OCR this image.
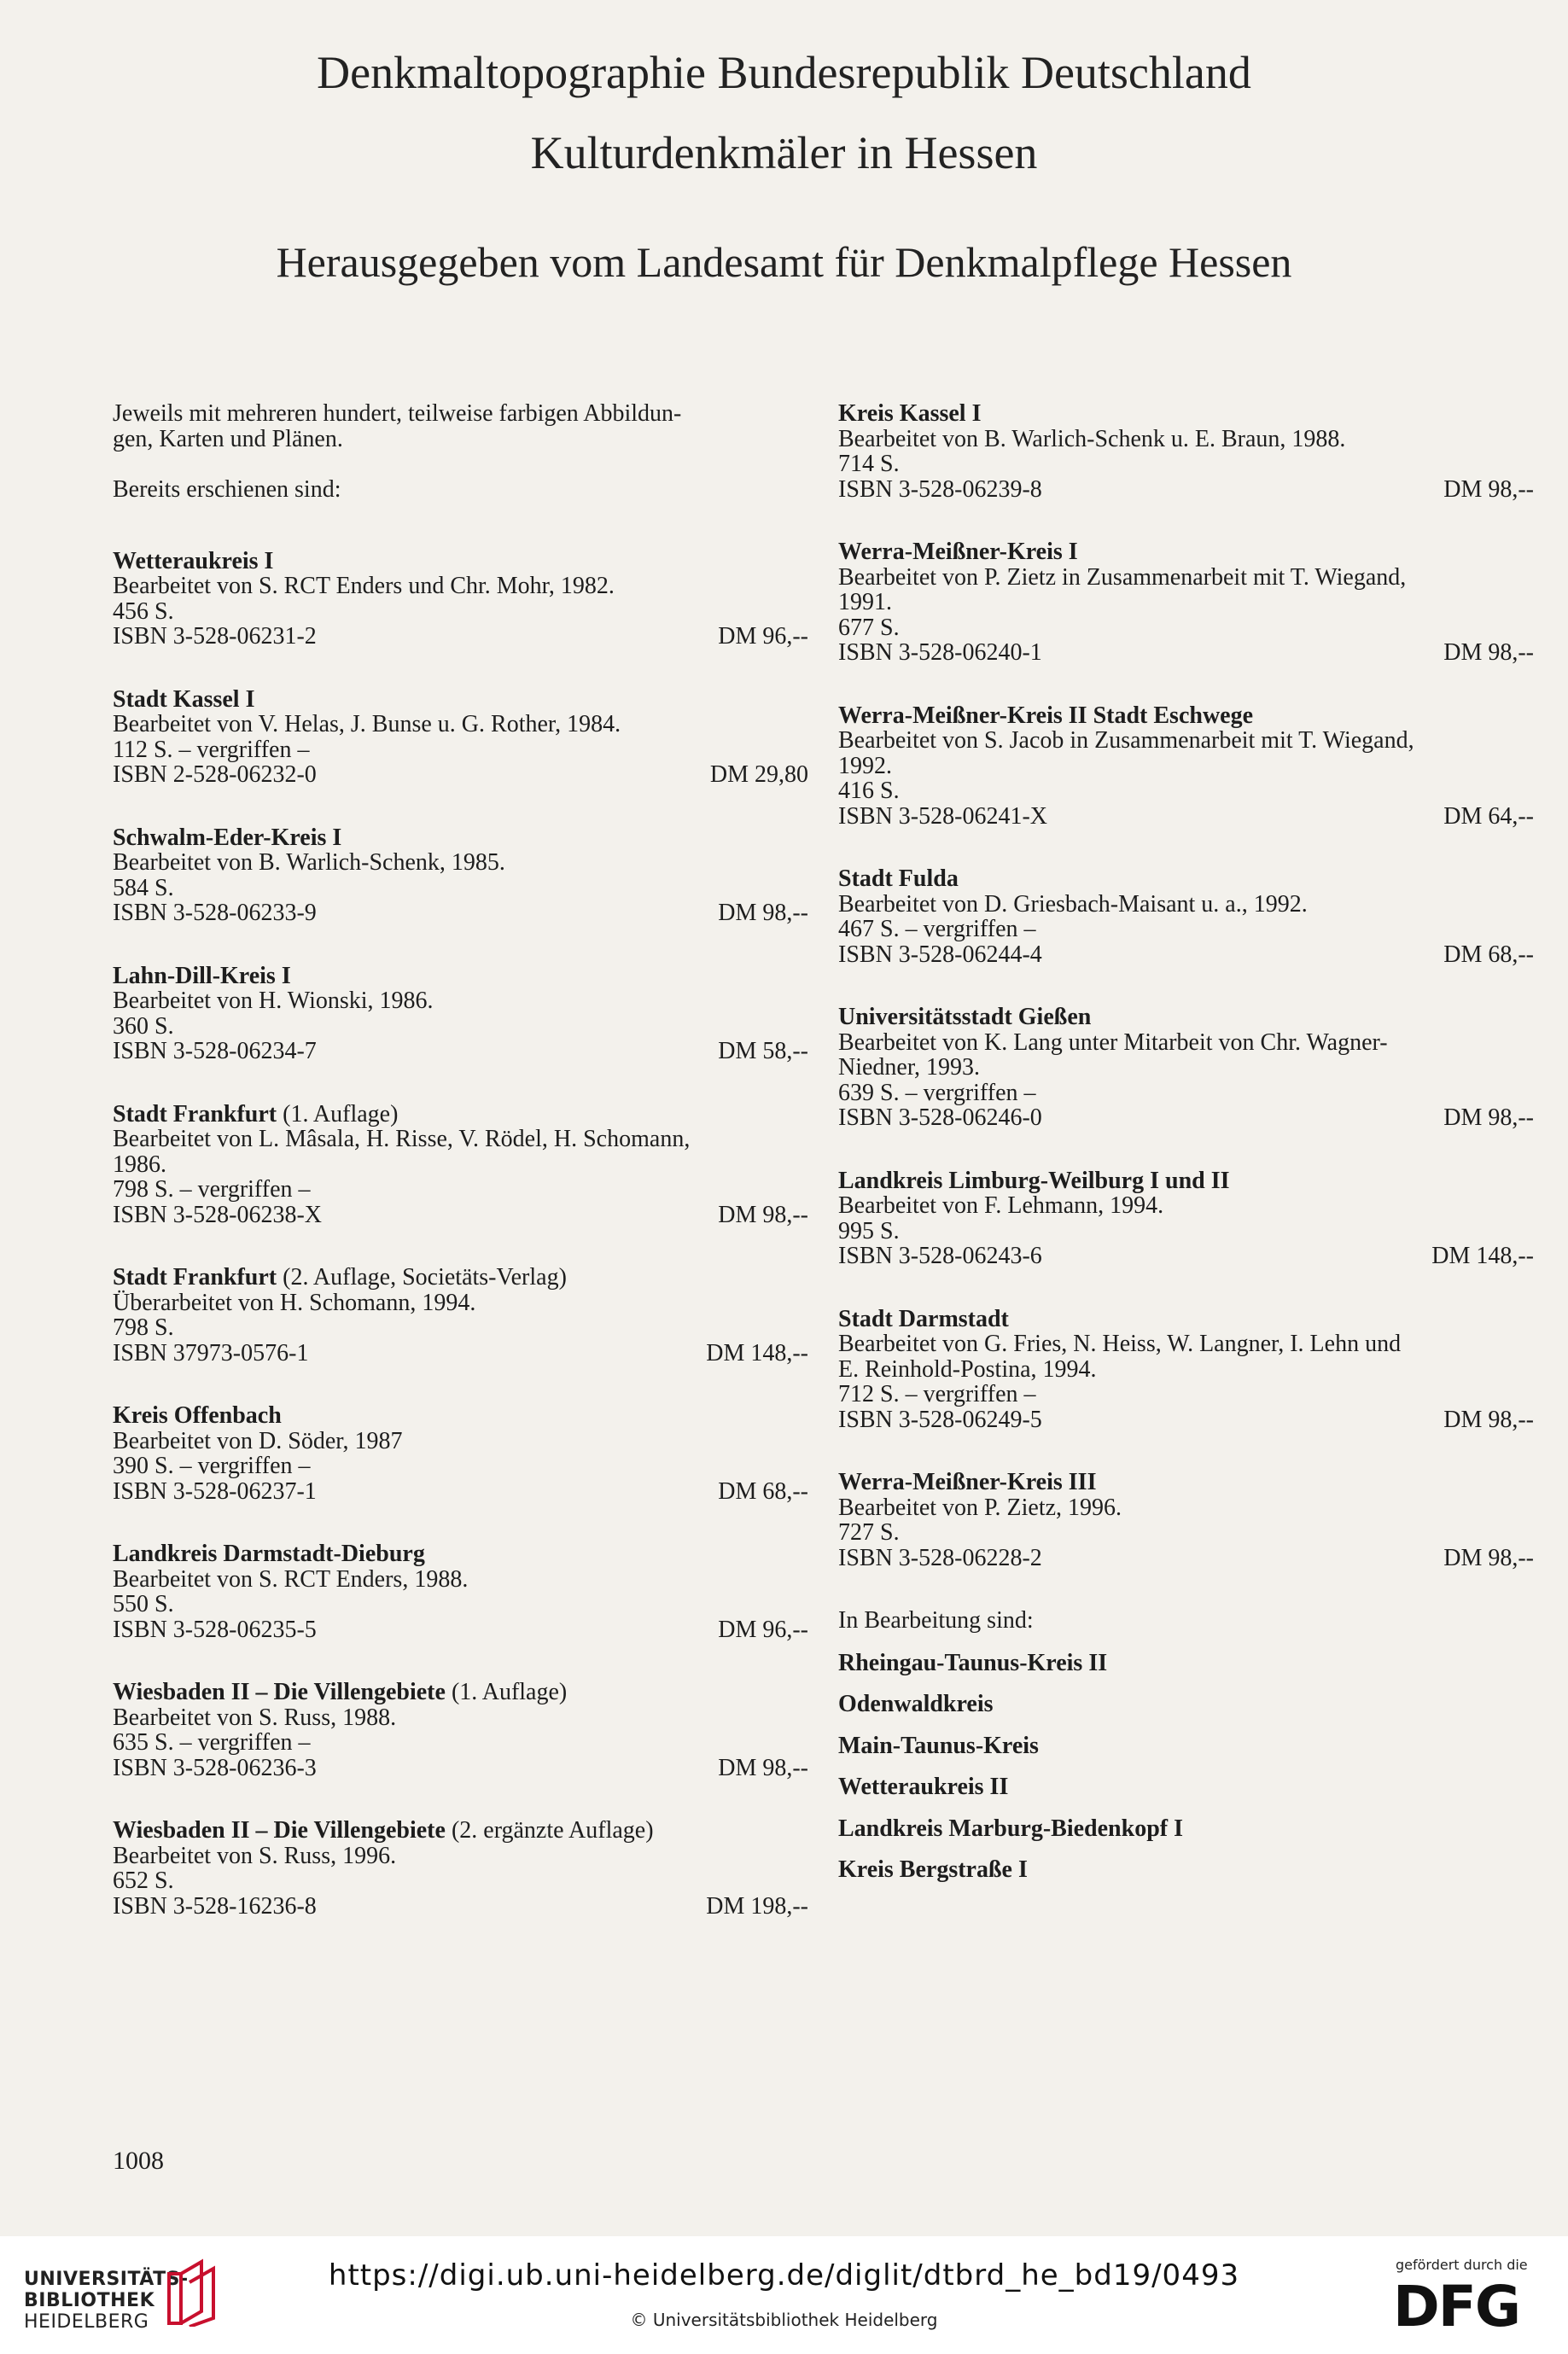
Denkmaltopographie Bundesrepublik Deutschland
Kulturdenkmäler in Hessen
Herausgegeben vom Landesamt für Denkmalpflege Hessen
Jeweils mit mehreren hundert, teilweise farbigen Abbildun-
gen, Karten und Plänen.
Bereits erschienen sind:
Wetteraukreis I
Bearbeitet von S. RCT Enders und Chr. Mohr, 1982.
456 S.
ISBN 3-528-06231-2	DM 96,--
Stadt Kassel I
Bearbeitet von V. Helas, J. Bunse u. G. Rother, 1984.
112 S. – vergriffen –
ISBN 2-528-06232-0	DM 29,80
Schwalm-Eder-Kreis I
Bearbeitet von B. Warlich-Schenk, 1985.
584 S.
ISBN 3-528-06233-9	DM 98,--
Lahn-Dill-Kreis I
Bearbeitet von H. Wionski, 1986.
360 S.
ISBN 3-528-06234-7	DM 58,--
Stadt Frankfurt (1. Auflage)
Bearbeitet von L. Mâsala, H. Risse, V. Rödel, H. Schomann,
1986.
798 S. – vergriffen –
ISBN 3-528-06238-X	DM 98,--
Stadt Frankfurt (2. Auflage, Societäts-Verlag)
Überarbeitet von H. Schomann, 1994.
798 S.
ISBN 37973-0576-1	DM 148,--
Kreis Offenbach
Bearbeitet von D. Söder, 1987
390 S. – vergriffen –
ISBN 3-528-06237-1	DM 68,--
Landkreis Darmstadt-Dieburg
Bearbeitet von S. RCT Enders, 1988.
550 S.
ISBN 3-528-06235-5	DM 96,--
Wiesbaden II – Die Villengebiete (1. Auflage)
Bearbeitet von S. Russ, 1988.
635 S. – vergriffen –
ISBN 3-528-06236-3	DM 98,--
Wiesbaden II – Die Villengebiete (2. ergänzte Auflage)
Bearbeitet von S. Russ, 1996.
652 S.
ISBN 3-528-16236-8	DM 198,--
Kreis Kassel I
Bearbeitet von B. Warlich-Schenk u. E. Braun, 1988.
714 S.
ISBN 3-528-06239-8	DM 98,--
Werra-Meißner-Kreis I
Bearbeitet von P. Zietz in Zusammenarbeit mit T. Wiegand,
1991.
677 S.
ISBN 3-528-06240-1	DM 98,--
Werra-Meißner-Kreis II Stadt Eschwege
Bearbeitet von S. Jacob in Zusammenarbeit mit T. Wiegand,
1992.
416 S.
ISBN 3-528-06241-X	DM 64,--
Stadt Fulda
Bearbeitet von D. Griesbach-Maisant u. a., 1992.
467 S. – vergriffen –
ISBN 3-528-06244-4	DM 68,--
Universitätsstadt Gießen
Bearbeitet von K. Lang unter Mitarbeit von Chr. Wagner-
Niedner, 1993.
639 S. – vergriffen –
ISBN 3-528-06246-0	DM 98,--
Landkreis Limburg-Weilburg I und II
Bearbeitet von F. Lehmann, 1994.
995 S.
ISBN 3-528-06243-6	DM 148,--
Stadt Darmstadt
Bearbeitet von G. Fries, N. Heiss, W. Langner, I. Lehn und
E. Reinhold-Postina, 1994.
712 S. – vergriffen –
ISBN 3-528-06249-5	DM 98,--
Werra-Meißner-Kreis III
Bearbeitet von P. Zietz, 1996.
727 S.
ISBN 3-528-06228-2	DM 98,--
In Bearbeitung sind:
Rheingau-Taunus-Kreis II
Odenwaldkreis
Main-Taunus-Kreis
Wetteraukreis II
Landkreis Marburg-Biedenkopf I
Kreis Bergstraße I
1008
UNIVERSITÄTS-
BIBLIOTHEK
HEIDELBERG
https://digi.ub.uni-heidelberg.de/diglit/dtbrd_he_bd19/0493
© Universitätsbibliothek Heidelberg
gefördert durch die
DFG
